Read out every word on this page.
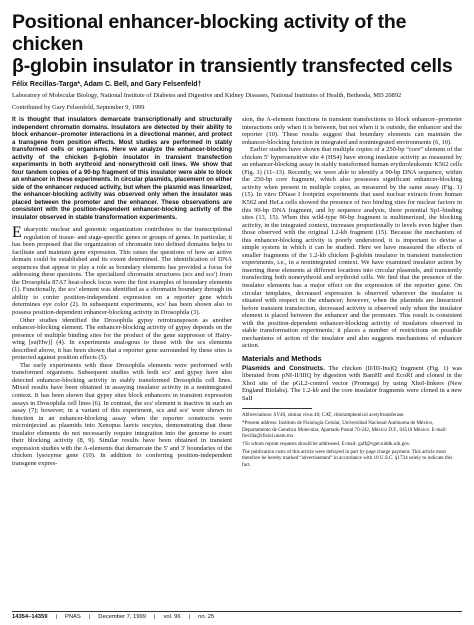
Positional enhancer-blocking activity of the chicken
β-globin insulator in transiently transfected cells
Félix Recillas-Targa*, Adam C. Bell, and Gary Felsenfeld†
Laboratory of Molecular Biology, National Institute of Diabetes and Digestive and Kidney Diseases, National Institutes of Health, Bethesda, MD 20892
Contributed by Gary Felsenfeld, September 9, 1999
It is thought that insulators demarcate transcriptionally and structurally independent chromatin domains. Insulators are detected by their ability to block enhancer–promoter interactions in a directional manner, and protect a transgene from position effects. Most studies are performed in stably transformed cells or organisms. Here we analyze the enhancer-blocking activity of the chicken β-globin insulator in transient transfection experiments in both erythroid and nonerythroid cell lines. We show that four tandem copies of a 90-bp fragment of this insulator were able to block an enhancer in these experiments. In circular plasmids, placement on either side of the enhancer reduced activity, but when the plasmid was linearized, the enhancer-blocking activity was observed only when the insulator was placed between the promoter and the enhancer. These observations are consistent with the position-dependent enhancer-blocking activity of the insulator observed in stable transformation experiments.

Eukaryotic nuclear and genomic organization contributes to the transcriptional regulation of tissue- and stage-specific genes or groups of genes. In particular, it has been proposed that the organization of chromatin into defined domains helps to facilitate and maintain gene expression. This raises the questions of how an active domain could be established and its extent determined. The identification of DNA sequences that appear to play a role as boundary elements has provided a focus for addressing these questions. The specialized chromatin structures (scs and scs′) from the Drosophila 87A7 heat-shock locus were the first examples of boundary elements (1). Functionally, the scs′ element was identified as a chromatin boundary through its ability to confer position-independent expression on a reporter gene which determines eye color (2). In subsequent experiments, scs′ has been shown also to possess position-dependent enhancer-blocking activity in Drosophila (3).

Other studies identified the Drosophila gypsy retrotransposon as another enhancer-blocking element. The enhancer-blocking activity of gypsy depends on the presence of multiple binding sites for the product of the gene suppressor of Hairy-wing [su(Hw)] (4). In experiments analogous to those with the scs elements described above, it has been shown that a reporter gene surrounded by these sites is protected against position effects (5).

The early experiments with these Drosophila elements were performed with transformed organisms. Subsequent studies with both scs′ and gypsy have also detected enhancer-blocking activity in stably transformed Drosophila cell lines. Mixed results have been obtained in assaying insulator activity in a nonintegrated context. It has been shown that gypsy sites block enhancers in transient expression assays in Drosophila cell lines (6). In contrast, the scs′ element is inactive in such an assay (7); however, in a variant of this experiment, scs and scs′ were shown to function in an enhancer-blocking assay when the reporter constructs were microinjected as plasmids into Xenopus laevis oocytes, demonstrating that these insulator elements do not necessarily require integration into the genome to exert their blocking activity (8, 9). Similar results have been obtained in transient expression studies with the A-elements that demarcate the 5′ and 3′ boundaries of the chicken lysozyme gene (10). In addition to conferring position-independent transgene expres-

sion, the A-element functions in transient transfections to block enhancer–promoter interactions only when it is between, but not when it is outside, the enhancer and the reporter (10). These results suggest that boundary elements can maintain the enhancer-blocking function in integrated and nonintegrated environments (6, 10).

Earlier studies have shown that multiple copies of a 250-bp “core” element of the chicken 5′ hypersensitive site 4 (HS4) have strong insulator activity as measured by an enhancer-blocking assay in stably transformed human erythroleukemic K562 cells (Fig. 1) (11–13). Recently, we were able to identify a 90-bp DNA sequence, within the 250-bp core fragment, which also possesses significant enhancer-blocking activity when present in multiple copies, as measured by the same assay (Fig. 1) (15). In vitro DNase I footprint experiments that used nuclear extracts from human K562 and HeLa cells showed the presence of two binding sites for nuclear factors in this 90-bp DNA fragment, and by sequence analysis, three potential Sp1-binding sites (13, 15). When this wild-type 90-bp fragment is multimerized, the blocking activity, in the integrated context, increases proportionally to levels even higher than those observed with the original 1.2-kb fragment (15). Because the mechanism of this enhancer-blocking activity is poorly understood, it is important to devise a simple system in which it can be studied. Here we have measured the effects of smaller fragments of the 1.2-kb chicken β-globin insulator in transient transfection experiments, i.e., in a nonintegrated context. We have examined insulator action by inserting these elements at different locations into circular plasmids, and transiently transfecting both nonerythroid and erythroid cells. We find that the presence of the insulator elements has a major effect on the expression of the reporter gene. On circular templates, decreased expression is observed wherever the insulator is situated with respect to the enhancer; however, when the plasmids are linearized before transient transfection, decreased activity is observed only when the insulator element is placed between the enhancer and the promoter. This result is consistent with the position-dependent enhancer-blocking activity of insulators observed in stable transformation experiments; it places a number of restrictions on possible mechanisms of action of the insulator and also suggests mechanisms of enhancer action.

Materials and Methods

Plasmids and Constructs. The chicken (II/III-Ins)Q fragment (Fig. 1) was liberated from pNI-II/IIIQ by digestion with BamHI and EcoRI and cloned in the XhoI site of the pGL2-control vector (Promega) by using XhoI-linkers (New England Biolabs). The 1.2-kb and the core insulator fragments were cloned in a new SalI

Abbreviations: SV40, simian virus 40; CAT, chloramphenicol acetyltransferase.

*Present address: Instituto de Fisiología Celular, Universidad Nacional Autónoma de México, Departamento de Genética Molecular, Apartado Postal 70-242, México D.F., 04510 México. E-mail: frecilla@ifisiol.unam.mx.

†To whom reprint requests should be addressed. E-mail: gaff@vger.niddk.nih.gov.

The publication costs of this article were defrayed in part by page charge payment. This article must therefore be hereby marked “advertisement” in accordance with 18 U.S.C. §1734 solely to indicate this fact.

14354–14359 | PNAS | December 7, 1999 | vol. 96 | no. 25
